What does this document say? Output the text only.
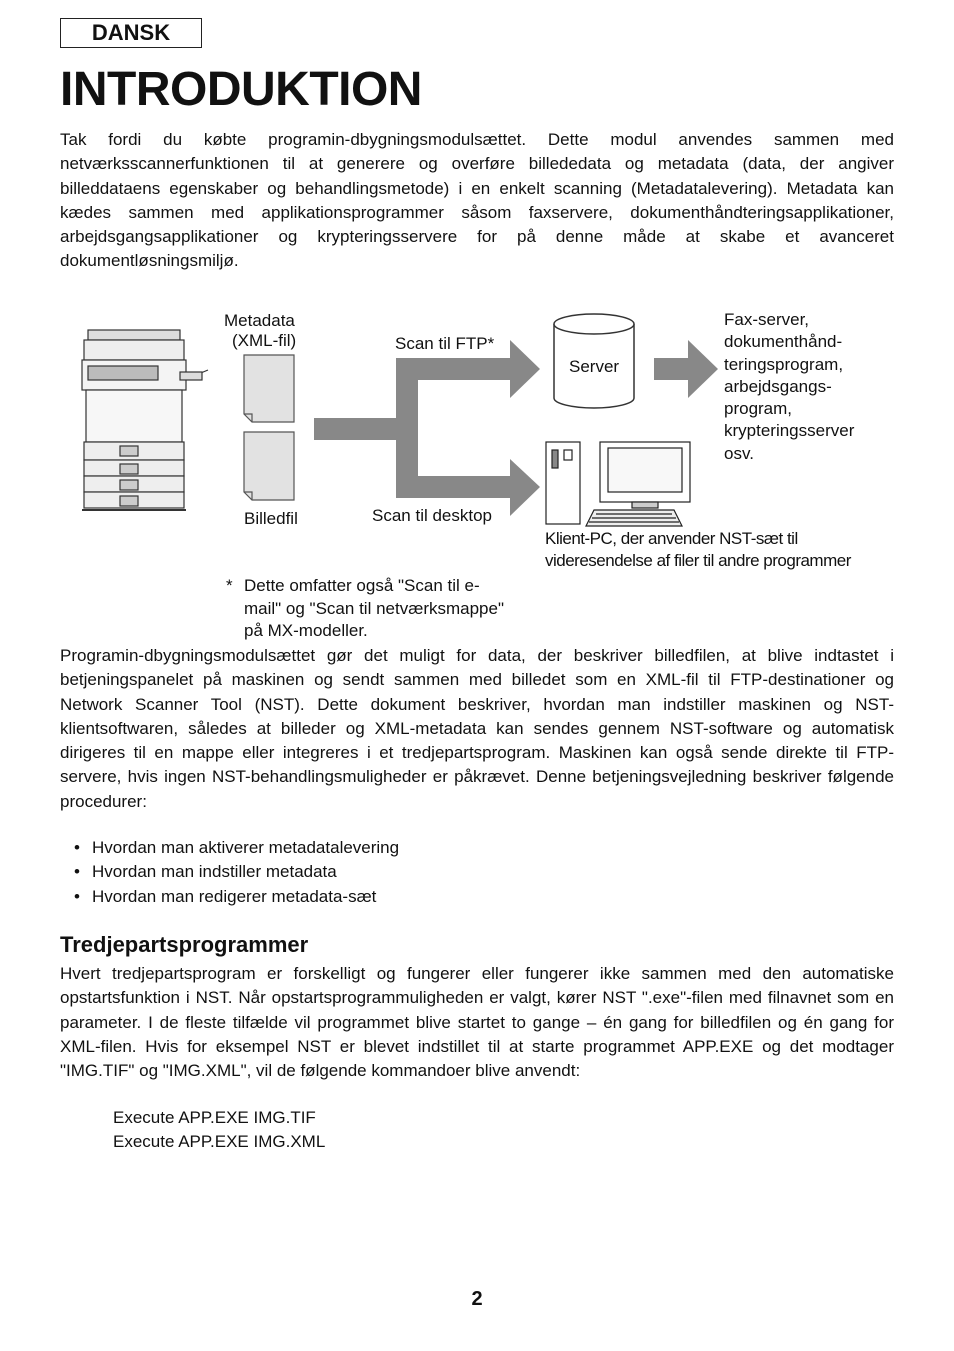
DANSK
INTRODUKTION

Tak fordi du købte programin-dbygningsmodulsættet. Dette modul anvendes sammen med netværksscannerfunktionen til at generere og overføre billededata og metadata (data, der angiver billeddataens egenskaber og behandlingsmetode) i en enkelt scanning (Metadatalevering). Metadata kan kædes sammen med applikationsprogrammer såsom faxservere, dokumenthåndteringsapplikationer, arbejdsgangsapplikationer og krypteringsservere for på denne måde at skabe et avanceret dokumentløsningsmiljø.

Metadata
(XML-fil)
Billedfil
Scan til FTP*
Scan til desktop
Server
Fax-server,
dokumenthånd-
teringsprogram,
arbejdsgangs-
program,
krypteringsserver
osv.
Klient-PC, der anvender NST-sæt til
videresendelse af filer til andre programmer
* Dette omfatter også "Scan til e-
mail" og "Scan til netværksmappe"
på MX-modeller.

Programin-dbygningsmodulsættet gør det muligt for data, der beskriver billedfilen, at blive indtastet i betjeningspanelet på maskinen og sendt sammen med billedet som en XML-fil til FTP-destinationer og Network Scanner Tool (NST). Dette dokument beskriver, hvordan man indstiller maskinen og NST-klientsoftwaren, således at billeder og XML-metadata kan sendes gennem NST-software og automatisk dirigeres til en mappe eller integreres i et tredjepartsprogram. Maskinen kan også sende direkte til FTP-servere, hvis ingen NST-behandlingsmuligheder er påkrævet. Denne betjeningsvejledning beskriver følgende procedurer:

• Hvordan man aktiverer metadatalevering
• Hvordan man indstiller metadata
• Hvordan man redigerer metadata-sæt
Tredjepartsprogrammer

Hvert tredjepartsprogram er forskelligt og fungerer eller fungerer ikke sammen med den automatiske opstartsfunktion i NST. Når opstartsprogrammuligheden er valgt, kører NST ".exe"-filen med filnavnet som en parameter. I de fleste tilfælde vil programmet blive startet to gange – én gang for billedfilen og én gang for XML-filen. Hvis for eksempel NST er blevet indstillet til at starte programmet APP.EXE og det modtager "IMG.TIF" og "IMG.XML", vil de følgende kommandoer blive anvendt:

Execute APP.EXE IMG.TIF
Execute APP.EXE IMG.XML
2
